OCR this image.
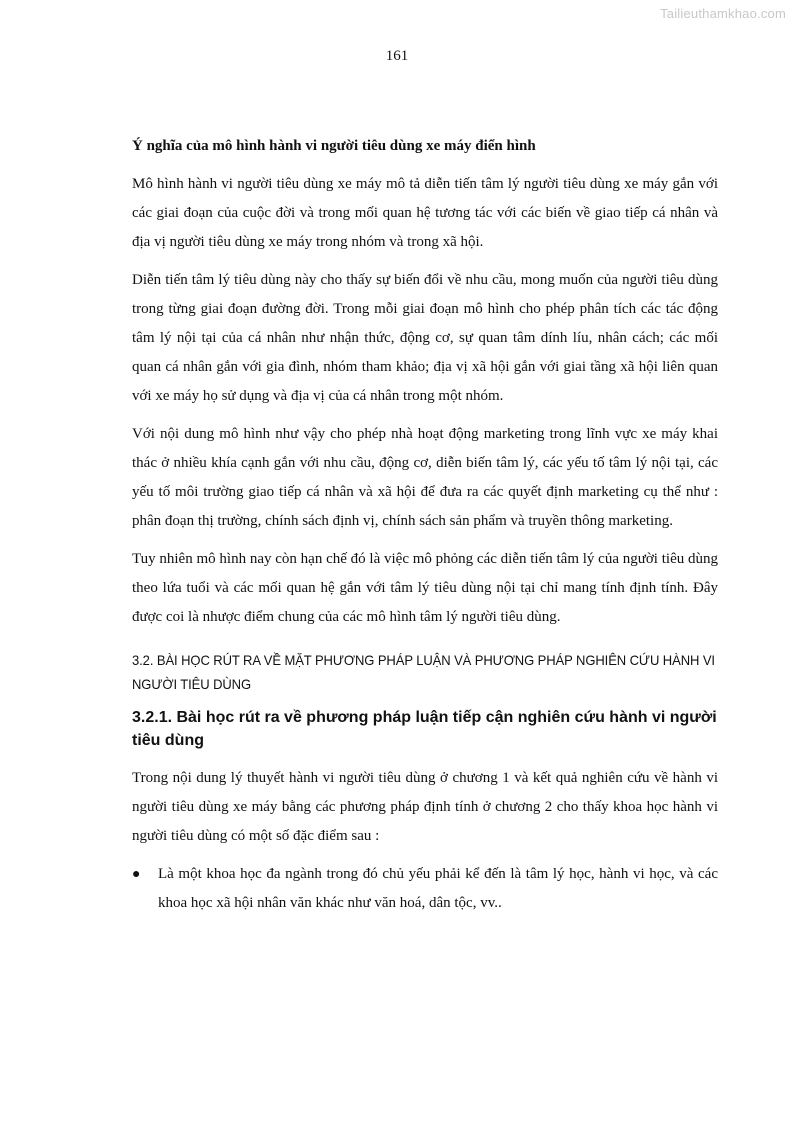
Tailieuthamkhao.com
161
Ý nghĩa của mô hình hành vi người tiêu dùng xe máy điển hình

Mô hình hành vi người tiêu dùng xe máy mô tả diễn tiến tâm lý người tiêu dùng xe máy gắn với các giai đoạn của cuộc đời và trong mối quan hệ tương tác với các biến về giao tiếp cá nhân và địa vị người tiêu dùng xe máy trong nhóm và trong xã hội.

Diễn tiến tâm lý tiêu dùng này cho thấy sự biến đổi về nhu cầu, mong muốn của người tiêu dùng trong từng giai đoạn đường đời. Trong mỗi giai đoạn mô hình cho phép phân tích các tác động tâm lý nội tại của cá nhân như nhận thức, động cơ, sự quan tâm dính líu, nhân cách; các mối quan cá nhân gắn với gia đình, nhóm tham khảo; địa vị xã hội gắn với giai tầng xã hội liên quan với xe máy họ sử dụng và địa vị của cá nhân trong một nhóm.

Với nội dung mô hình như vậy cho phép nhà hoạt động marketing trong lĩnh vực xe máy khai thác ở nhiều khía cạnh gắn với nhu cầu, động cơ, diễn biến tâm lý, các yếu tố tâm lý nội tại, các yếu tố môi trường giao tiếp cá nhân và xã hội để đưa ra các quyết định marketing cụ thể như : phân đoạn thị trường, chính sách định vị, chính sách sản phẩm và truyền thông marketing.

Tuy nhiên mô hình nay còn hạn chế đó là việc mô phỏng các diễn tiến tâm lý của người tiêu dùng theo lứa tuổi và các mối quan hệ gắn với tâm lý tiêu dùng nội tại chỉ mang tính định tính. Đây được coi là nhược điểm chung của các mô hình tâm lý người tiêu dùng.

3.2. BÀI HỌC RÚT RA VỀ MẶT PHƯƠNG PHÁP LUẬN VÀ PHƯƠNG PHÁP NGHIÊN CỨU HÀNH VI NGƯỜI TIÊU DÙNG
3.2.1. Bài học rút ra về phương pháp luận tiếp cận nghiên cứu hành vi người tiêu dùng

Trong nội dung lý thuyết hành vi người tiêu dùng ở chương 1 và kết quả nghiên cứu về hành vi người tiêu dùng xe máy bằng các phương pháp định tính ở chương 2 cho thấy khoa học hành vi người tiêu dùng có một số đặc điểm sau :

● Là một khoa học đa ngành trong đó chủ yếu phải kể đến là tâm lý học, hành vi học, và các khoa học xã hội nhân văn khác như văn hoá, dân tộc, vv..
